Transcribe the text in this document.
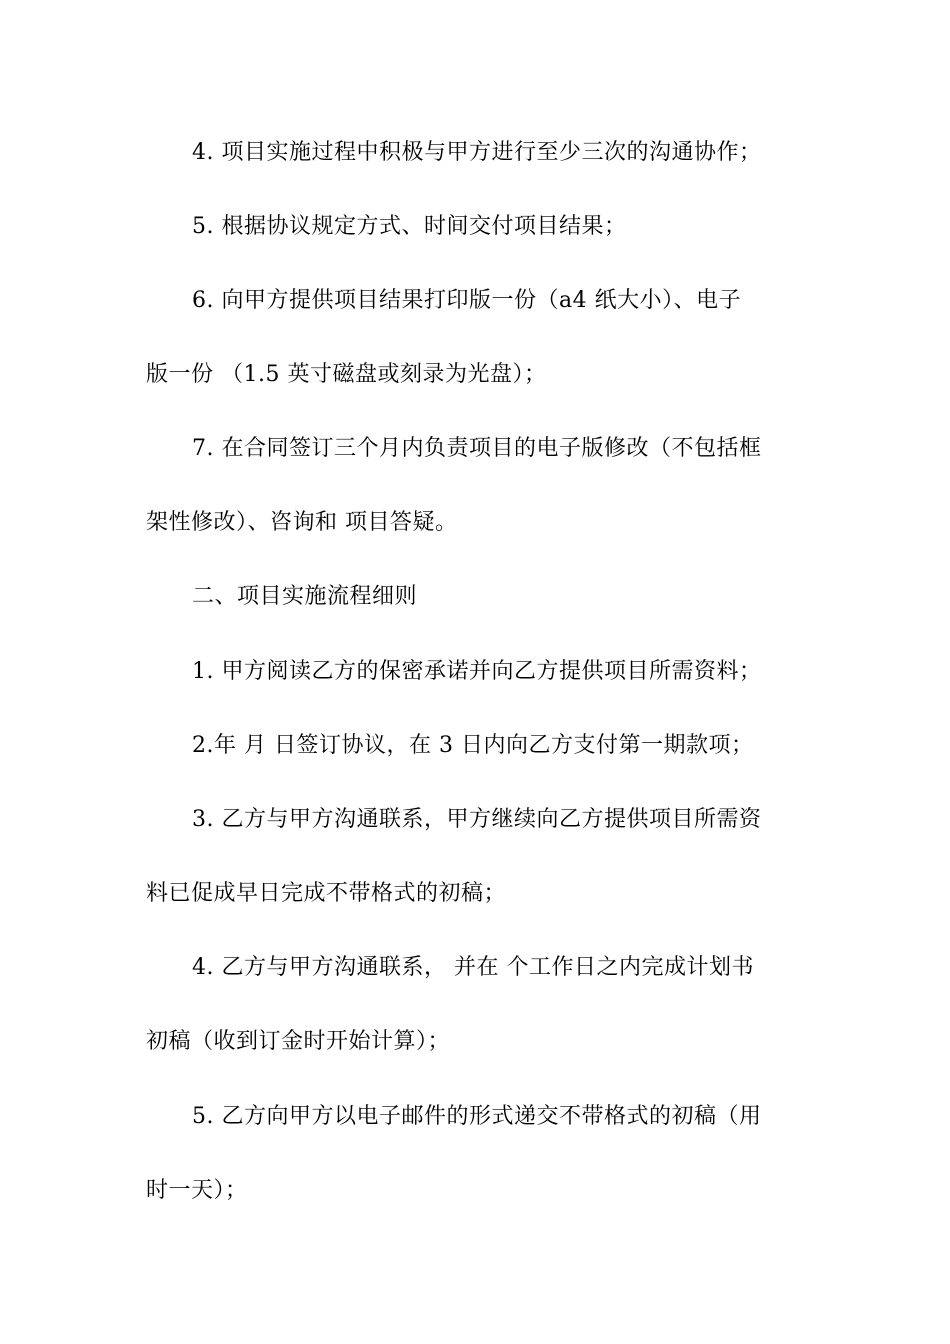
4. 项目实施过程中积极与甲方进行至少三次的沟通协作；
5. 根据协议规定方式、时间交付项目结果；
6. 向甲方提供项目结果打印版一份（a4 纸大小）、电子
版一份 （1.5 英寸磁盘或刻录为光盘）；
7. 在合同签订三个月内负责项目的电子版修改（不包括框
架性修改）、咨询和 项目答疑。
二、项目实施流程细则
1. 甲方阅读乙方的保密承诺并向乙方提供项目所需资料；
2.年 月 日签订协议，在 3 日内向乙方支付第一期款项；
3. 乙方与甲方沟通联系，甲方继续向乙方提供项目所需资
料已促成早日完成不带格式的初稿；
4. 乙方与甲方沟通联系， 并在 个工作日之内完成计划书
初稿（收到订金时开始计算）；
5. 乙方向甲方以电子邮件的形式递交不带格式的初稿（用
时一天）；
